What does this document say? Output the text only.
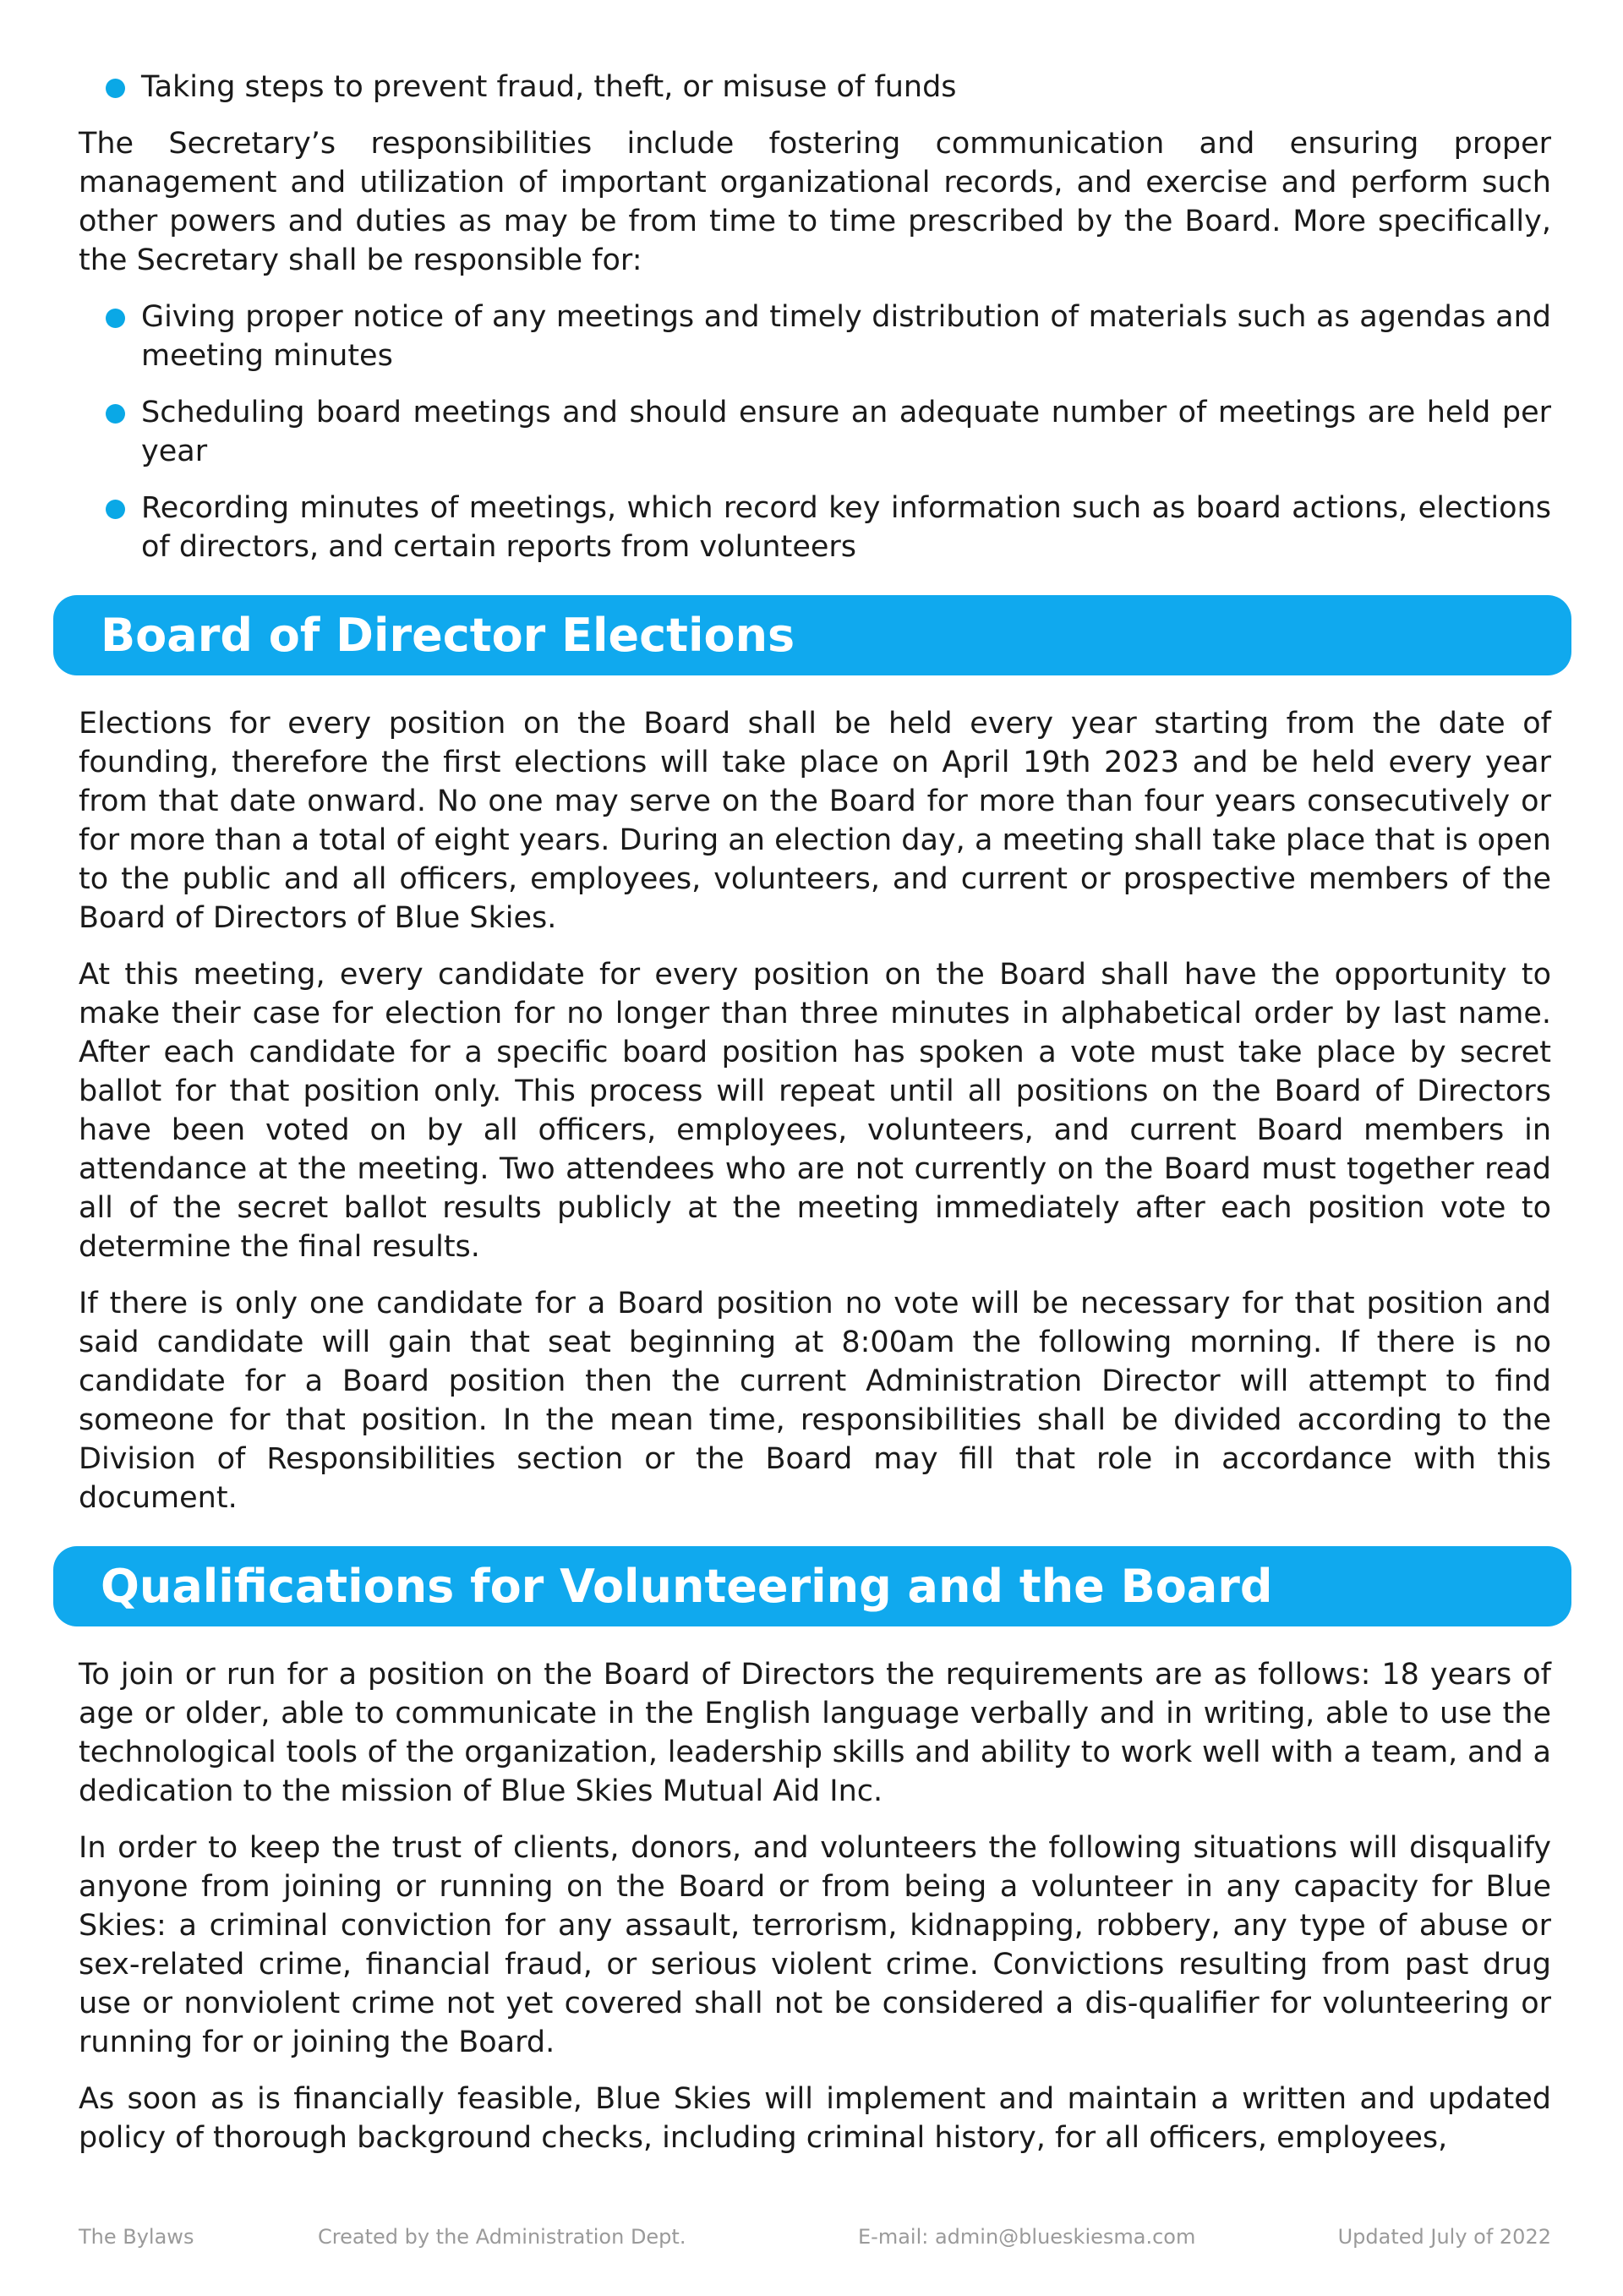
Taking steps to prevent fraud, theft, or misuse of funds

The Secretary’s responsibilities include fostering communication and ensuring proper management and utilization of important organizational records, and exercise and perform such other powers and duties as may be from time to time prescribed by the Board. More specifically, the Secretary shall be responsible for:

Giving proper notice of any meetings and timely distribution of materials such as agendas and meeting minutes
Scheduling board meetings and should ensure an adequate number of meetings are held per year
Recording minutes of meetings, which record key information such as board actions, elections of directors, and certain reports from volunteers
Board of Director Elections

Elections for every position on the Board shall be held every year starting from the date of founding, therefore the first elections will take place on April 19th 2023 and be held every year from that date onward. No one may serve on the Board for more than four years consecutively or for more than a total of eight years. During an election day, a meeting shall take place that is open to the public and all officers, employees, volunteers, and current or prospective members of the Board of Directors of Blue Skies.

At this meeting, every candidate for every position on the Board shall have the opportunity to make their case for election for no longer than three minutes in alphabetical order by last name. After each candidate for a specific board position has spoken a vote must take place by secret ballot for that position only. This process will repeat until all positions on the Board of Directors have been voted on by all officers, employees, volunteers, and current Board members in attendance at the meeting. Two attendees who are not currently on the Board must together read all of the secret ballot results publicly at the meeting immediately after each position vote to determine the final results.

If there is only one candidate for a Board position no vote will be necessary for that position and said candidate will gain that seat beginning at 8:00am the following morning. If there is no candidate for a Board position then the current Administration Director will attempt to find someone for that position. In the mean time, responsibilities shall be divided according to the Division of Responsibilities section or the Board may fill that role in accordance with this document.

Qualifications for Volunteering and the Board

To join or run for a position on the Board of Directors the requirements are as follows: 18 years of age or older, able to communicate in the English language verbally and in writing, able to use the technological tools of the organization, leadership skills and ability to work well with a team, and a dedication to the mission of Blue Skies Mutual Aid Inc.

In order to keep the trust of clients, donors, and volunteers the following situations will disqualify anyone from joining or running on the Board or from being a volunteer in any capacity for Blue Skies: a criminal conviction for any assault, terrorism, kidnapping, robbery, any type of abuse or sex-related crime, financial fraud, or serious violent crime. Convictions resulting from past drug use or nonviolent crime not yet covered shall not be considered a dis-qualifier for volunteering or running for or joining the Board.

As soon as is financially feasible, Blue Skies will implement and maintain a written and updated policy of thorough background checks, including criminal history, for all officers, employees,

The Bylaws	Created by the Administration Dept.	E-mail: admin@blueskiesma.com	Updated July of 2022
